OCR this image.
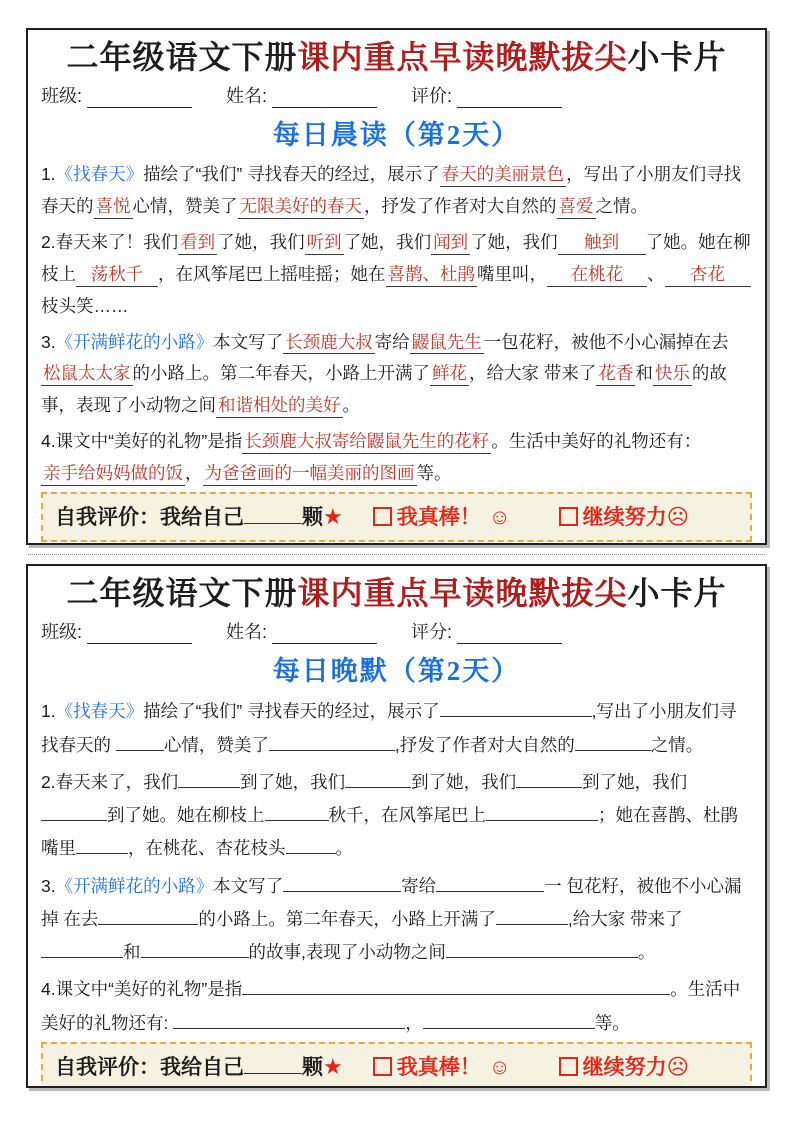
二年级语文下册课内重点早读晚默拔尖小卡片
班级:	姓名:	评价:
每日晨读（第2天）

1.《找春天》描绘了“我们” 寻找春天的经过，展示了 春天的美丽景色 ，写出了小朋友们寻找春天的 喜悦 心情，赞美了 无限美好的春天 ，抒发了作者对大自然的 喜爱 之情。

2.春天来了！我们 看到 了她，我们 听到 了她，我们 闻到 了她，我们 触到 了她。她在柳枝上 荡秋千 ，在风筝尾巴上摇哇摇；她在 喜鹊、杜鹃 嘴里叫， 在桃花 、 杏花枝头笑……

3.《开满鲜花的小路》本文写了 长颈鹿大叔 寄给 鼹鼠先生 一包花籽，被他不小心漏掉在去松鼠太太家 的小路上。第二年春天，小路上开满了 鲜花 ，给大家 带来了 花香 和 快乐 的故事，表现了小动物之间 和谐相处的美好 。

4.课文中“美好的礼物”是指 长颈鹿大叔寄给鼹鼠先生的花籽 。生活中美好的礼物还有：亲手给妈妈做的饭 ， 为爸爸画的一幅美丽的图画 等。

自我评价：我给自己	颗★	我真棒！ ☺	继续努力☹
二年级语文下册课内重点早读晚默拔尖小卡片
班级:	姓名:	评分:
每日晚默（第2天）

1.《找春天》描绘了“我们” 寻找春天的经过，展示了	,写出了小朋友们寻找春天的	心情，赞美了	,抒发了作者对大自然的	之情。

2.春天来了，我们	到了她，我们	到了她，我们	到了她，我们到了她。她在柳枝上	秋千，在风筝尾巴上	；她在喜鹊、杜鹃嘴里	，在桃花、杏花枝头	。

3.《开满鲜花的小路》本文写了	寄给	一 包花籽，被他不小心漏掉 在去	的小路上。第二年春天，小路上开满了	,给大家 带来了和	的故事,表现了小动物之间	。

4.课文中“美好的礼物”是指	。生活中美好的礼物还有:	，	等。

自我评价：我给自己	颗★	我真棒！ ☺	继续努力☹
